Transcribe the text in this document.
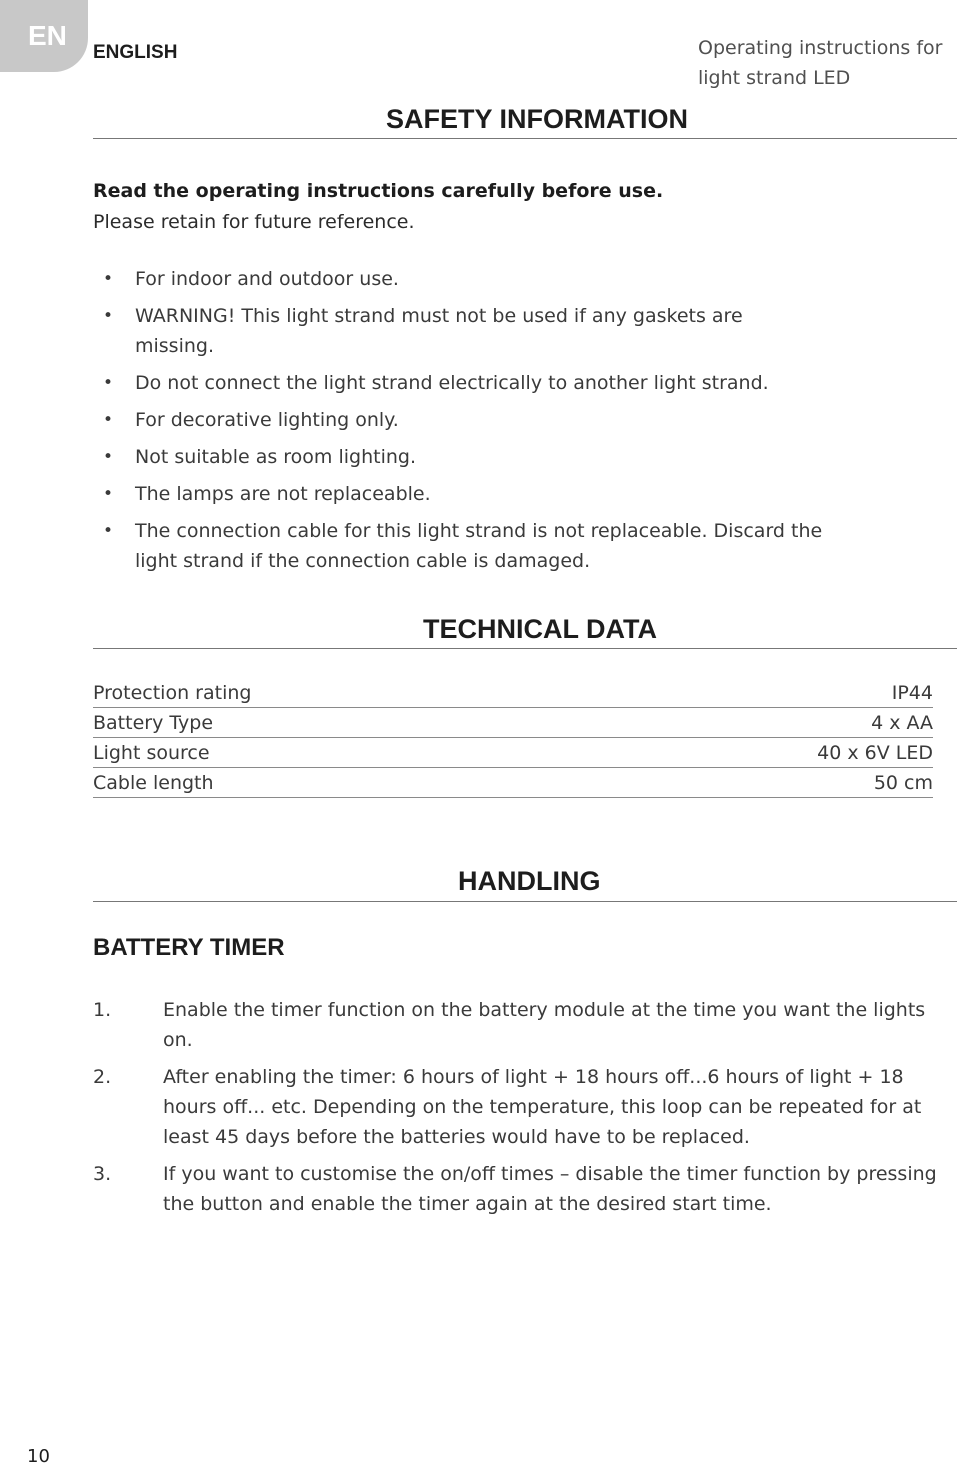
EN
ENGLISH	Operating instructions for light strand LED
SAFETY INFORMATION
Read the operating instructions carefully before use.
Please retain for future reference.
• For indoor and outdoor use.
• WARNING! This light strand must not be used if any gaskets are missing.
• Do not connect the light strand electrically to another light strand.
• For decorative lighting only.
• Not suitable as room lighting.
• The lamps are not replaceable.
• The connection cable for this light strand is not replaceable. Discard the light strand if the connection cable is damaged.
TECHNICAL DATA
Protection rating	IP44
Battery Type	4 x AA
Light source	40 x 6V LED
Cable length	50 cm
HANDLING
BATTERY TIMER
1.	Enable the timer function on the battery module at the time you want the lights on.
2.	After enabling the timer: 6 hours of light + 18 hours off...6 hours of light + 18 hours off... etc. Depending on the temperature, this loop can be repeated for at least 45 days before the batteries would have to be replaced.
3.	If you want to customise the on/off times – disable the timer function by pressing the button and enable the timer again at the desired start time.
10
